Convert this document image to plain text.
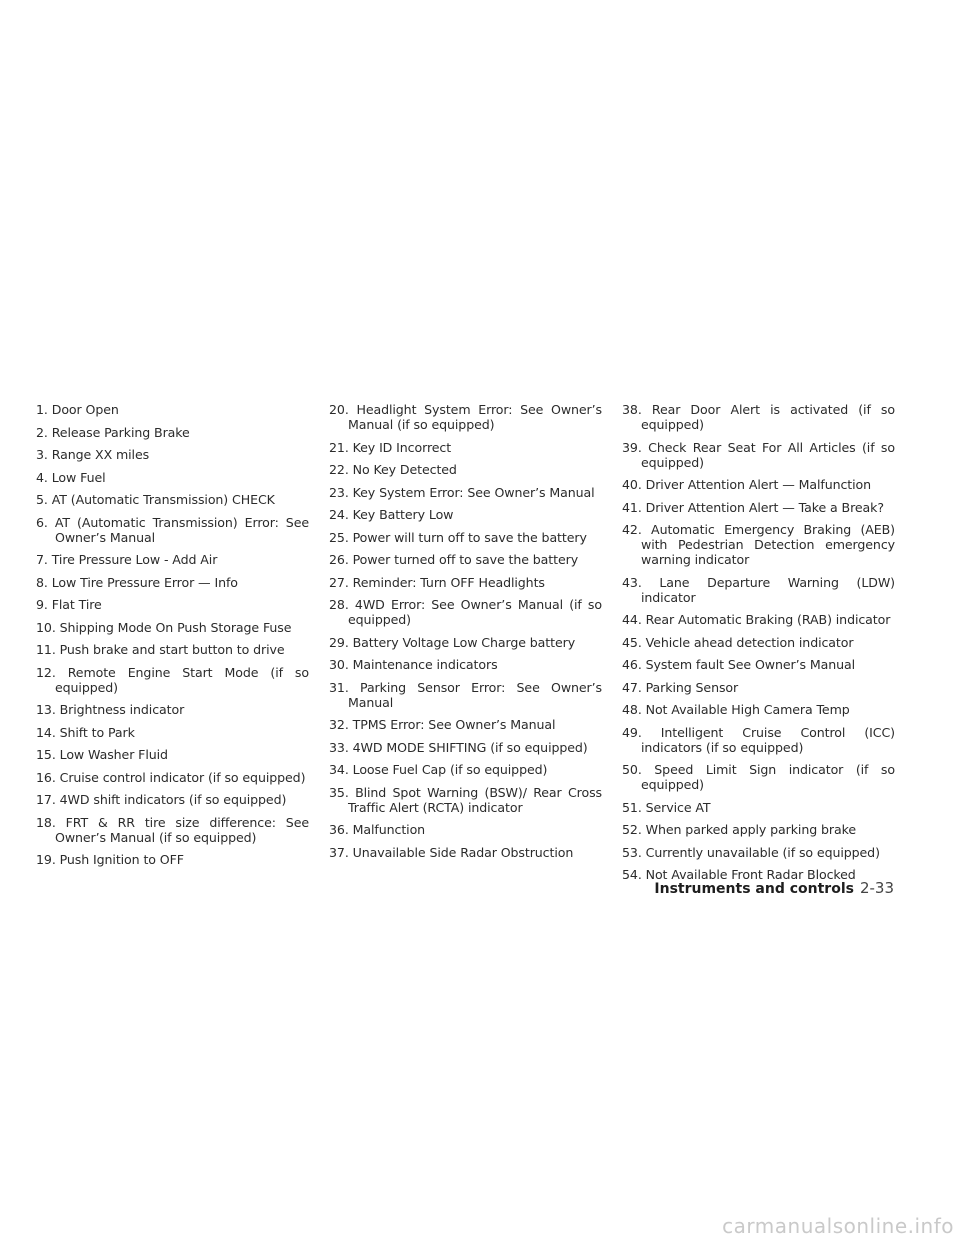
1. Door Open

2. Release Parking Brake

3. Range XX miles

4. Low Fuel

5. AT (Automatic Transmission) CHECK

6. AT (Automatic Transmission) Error: See Owner’s Manual

7. Tire Pressure Low - Add Air

8. Low Tire Pressure Error — Info

9. Flat Tire

10. Shipping Mode On Push Storage Fuse

11. Push brake and start button to drive

12. Remote Engine Start Mode (if so equipped)

13. Brightness indicator

14. Shift to Park

15. Low Washer Fluid

16. Cruise control indicator (if so equipped)

17. 4WD shift indicators (if so equipped)

18. FRT & RR tire size difference: See Owner’s Manual (if so equipped)

19. Push Ignition to OFF

20. Headlight System Error: See Owner’s Manual (if so equipped)

21. Key ID Incorrect

22. No Key Detected

23. Key System Error: See Owner’s Manual

24. Key Battery Low

25. Power will turn off to save the battery

26. Power turned off to save the battery

27. Reminder: Turn OFF Headlights

28. 4WD Error: See Owner’s Manual (if so equipped)

29. Battery Voltage Low Charge battery

30. Maintenance indicators

31. Parking Sensor Error: See Owner’s Manual

32. TPMS Error: See Owner’s Manual

33. 4WD MODE SHIFTING (if so equipped)

34. Loose Fuel Cap (if so equipped)

35. Blind Spot Warning (BSW)/ Rear Cross Traffic Alert (RCTA) indicator

36. Malfunction

37. Unavailable Side Radar Obstruction

38. Rear Door Alert is activated (if so equipped)

39. Check Rear Seat For All Articles (if so equipped)

40. Driver Attention Alert — Malfunction

41. Driver Attention Alert — Take a Break?

42. Automatic Emergency Braking (AEB) with Pedestrian Detection emergency warning indicator

43. Lane Departure Warning (LDW) indicator

44. Rear Automatic Braking (RAB) indicator

45. Vehicle ahead detection indicator

46. System fault See Owner’s Manual

47. Parking Sensor

48. Not Available High Camera Temp

49. Intelligent Cruise Control (ICC) indicators (if so equipped)

50. Speed Limit Sign indicator (if so equipped)

51. Service AT

52. When parked apply parking brake

53. Currently unavailable (if so equipped)

54. Not Available Front Radar Blocked

Instruments and controls 2-33
carmanualsonline.info
